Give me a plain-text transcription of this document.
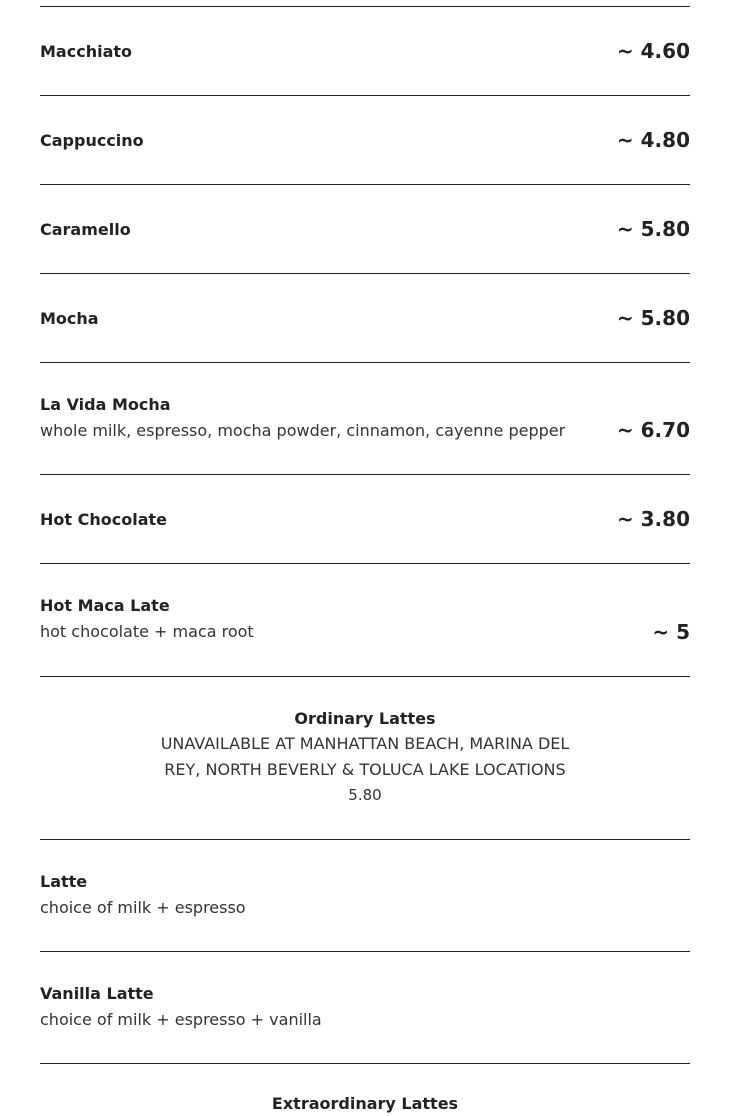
Macchiato	~ 4.60
Cappuccino	~ 4.80
Caramello	~ 5.80
Mocha	~ 5.80
La Vida Mocha
whole milk, espresso, mocha powder, cinnamon, cayenne pepper	~ 6.70
Hot Chocolate	~ 3.80
Hot Maca Late
hot chocolate + maca root	~ 5
Ordinary Lattes
UNAVAILABLE AT MANHATTAN BEACH, MARINA DEL REY, NORTH BEVERLY & TOLUCA LAKE LOCATIONS
5.80
Latte
choice of milk + espresso
Vanilla Latte
choice of milk + espresso + vanilla
Extraordinary Lattes
